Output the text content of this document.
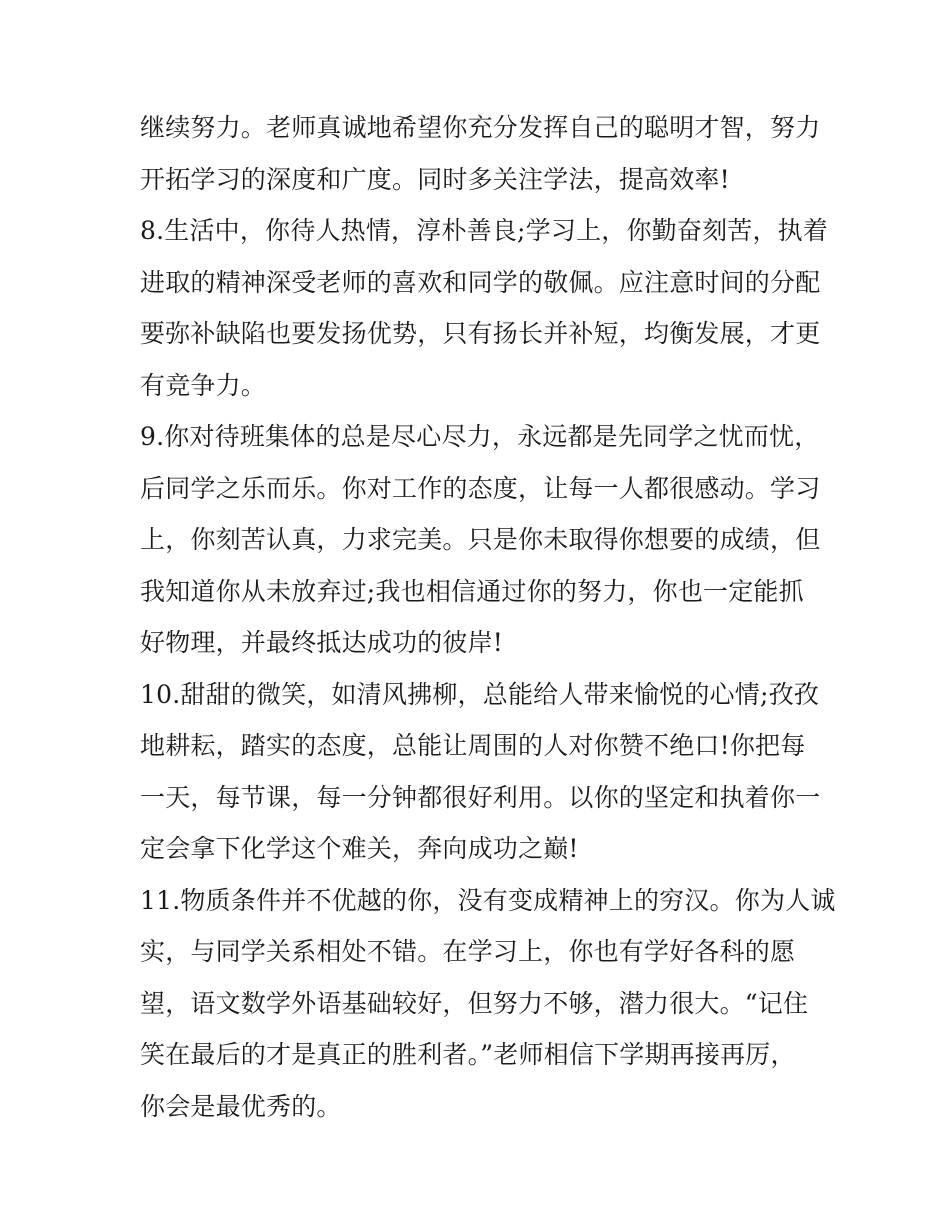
继续努力。老师真诚地希望你充分发挥自己的聪明才智，努力
开拓学习的深度和广度。同时多关注学法，提高效率!
8.生活中，你待人热情，淳朴善良;学习上，你勤奋刻苦，执着
进取的精神深受老师的喜欢和同学的敬佩。应注意时间的分配
要弥补缺陷也要发扬优势，只有扬长并补短，均衡发展，才更
有竞争力。
9.你对待班集体的总是尽心尽力，永远都是先同学之忧而忧，
后同学之乐而乐。你对工作的态度，让每一人都很感动。学习
上，你刻苦认真，力求完美。只是你未取得你想要的成绩，但
我知道你从未放弃过;我也相信通过你的努力，你也一定能抓
好物理，并最终抵达成功的彼岸!
10.甜甜的微笑，如清风拂柳，总能给人带来愉悦的心情;孜孜
地耕耘，踏实的态度，总能让周围的人对你赞不绝口!你把每
一天，每节课，每一分钟都很好利用。以你的坚定和执着你一
定会拿下化学这个难关，奔向成功之巅!
11.物质条件并不优越的你，没有变成精神上的穷汉。你为人诚
实，与同学关系相处不错。在学习上，你也有学好各科的愿
望，语文数学外语基础较好，但努力不够，潜力很大。“记住
笑在最后的才是真正的胜利者。”老师相信下学期再接再厉，
你会是最优秀的。
